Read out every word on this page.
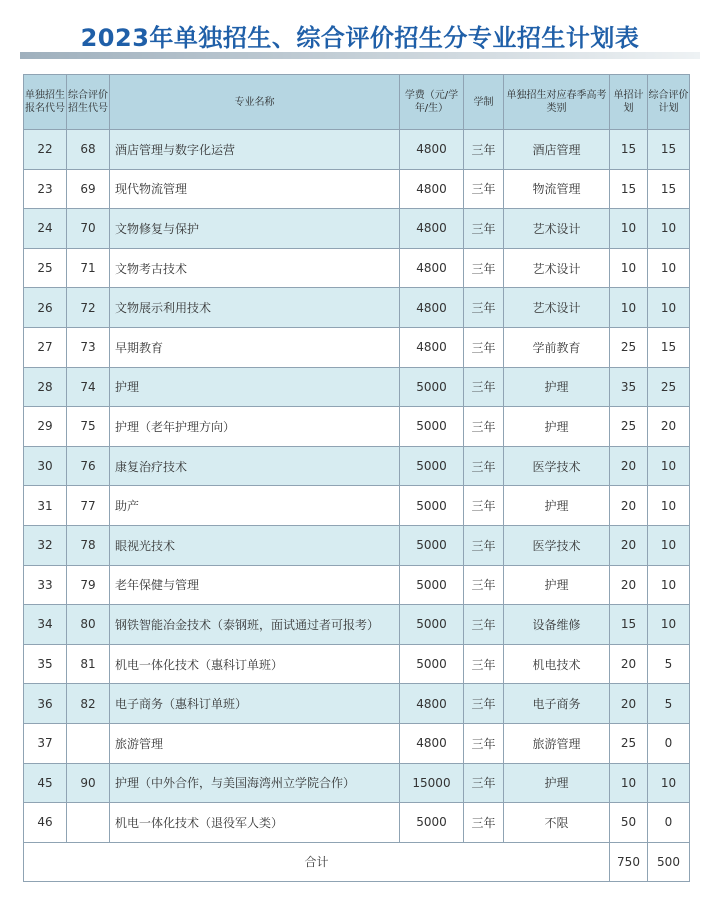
2023年单独招生、综合评价招生分专业招生计划表
单独招生报名代号	综合评价招生代号	专业名称	学费（元/学年/生）	学制	单独招生对应春季高考类别	单招计划	综合评价计划
22	68	酒店管理与数字化运营	4800	三年	酒店管理	15	15
23	69	现代物流管理	4800	三年	物流管理	15	15
24	70	文物修复与保护	4800	三年	艺术设计	10	10
25	71	文物考古技术	4800	三年	艺术设计	10	10
26	72	文物展示利用技术	4800	三年	艺术设计	10	10
27	73	早期教育	4800	三年	学前教育	25	15
28	74	护理	5000	三年	护理	35	25
29	75	护理（老年护理方向）	5000	三年	护理	25	20
30	76	康复治疗技术	5000	三年	医学技术	20	10
31	77	助产	5000	三年	护理	20	10
32	78	眼视光技术	5000	三年	医学技术	20	10
33	79	老年保健与管理	5000	三年	护理	20	10
34	80	钢铁智能冶金技术（泰钢班，面试通过者可报考）	5000	三年	设备维修	15	10
35	81	机电一体化技术（惠科订单班）	5000	三年	机电技术	20	5
36	82	电子商务（惠科订单班）	4800	三年	电子商务	20	5
37		旅游管理	4800	三年	旅游管理	25	0
45	90	护理（中外合作，与美国海湾州立学院合作）	15000	三年	护理	10	10
46		机电一体化技术（退役军人类）	5000	三年	不限	50	0
合计						750	500
